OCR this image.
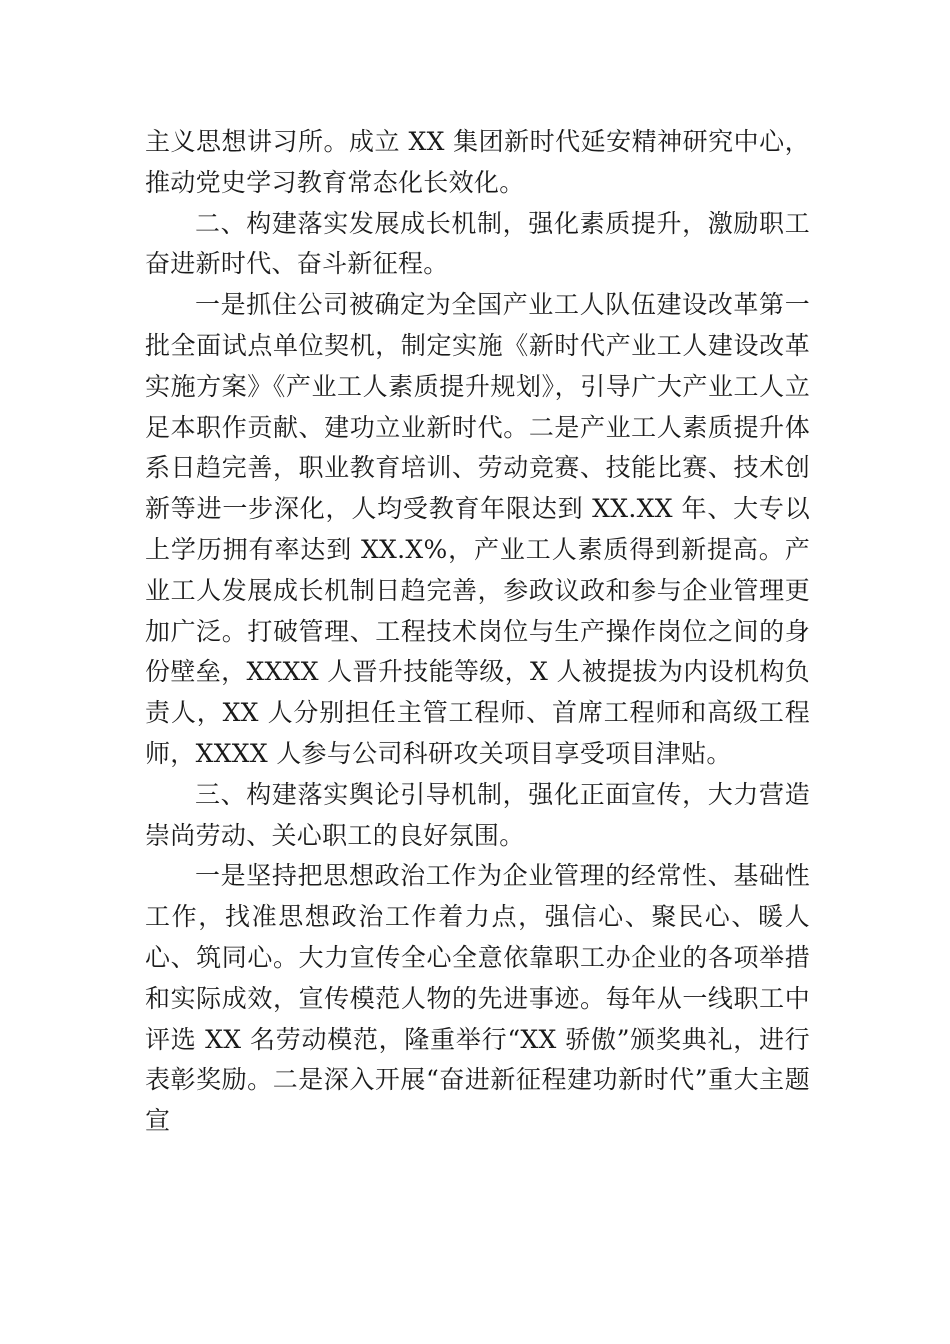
主义思想讲习所。成立 XX 集团新时代延安精神研究中心，推动党史学习教育常态化长效化。

二、构建落实发展成长机制，强化素质提升，激励职工奋进新时代、奋斗新征程。

一是抓住公司被确定为全国产业工人队伍建设改革第一批全面试点单位契机，制定实施《新时代产业工人建设改革实施方案》《产业工人素质提升规划》，引导广大产业工人立足本职作贡献、建功立业新时代。二是产业工人素质提升体系日趋完善，职业教育培训、劳动竞赛、技能比赛、技术创新等进一步深化，人均受教育年限达到 XX.XX 年、大专以上学历拥有率达到 XX.X%，产业工人素质得到新提高。产业工人发展成长机制日趋完善，参政议政和参与企业管理更加广泛。打破管理、工程技术岗位与生产操作岗位之间的身份壁垒，XXXX 人晋升技能等级，X 人被提拔为内设机构负责人，XX 人分别担任主管工程师、首席工程师和高级工程师，XXXX 人参与公司科研攻关项目享受项目津贴。

三、构建落实舆论引导机制，强化正面宣传，大力营造崇尚劳动、关心职工的良好氛围。

一是坚持把思想政治工作为企业管理的经常性、基础性工作，找准思想政治工作着力点，强信心、聚民心、暖人心、筑同心。大力宣传全心全意依靠职工办企业的各项举措和实际成效，宣传模范人物的先进事迹。每年从一线职工中评选 XX 名劳动模范，隆重举行“XX 骄傲”颁奖典礼，进行表彰奖励。二是深入开展“奋进新征程建功新时代”重大主题宣
